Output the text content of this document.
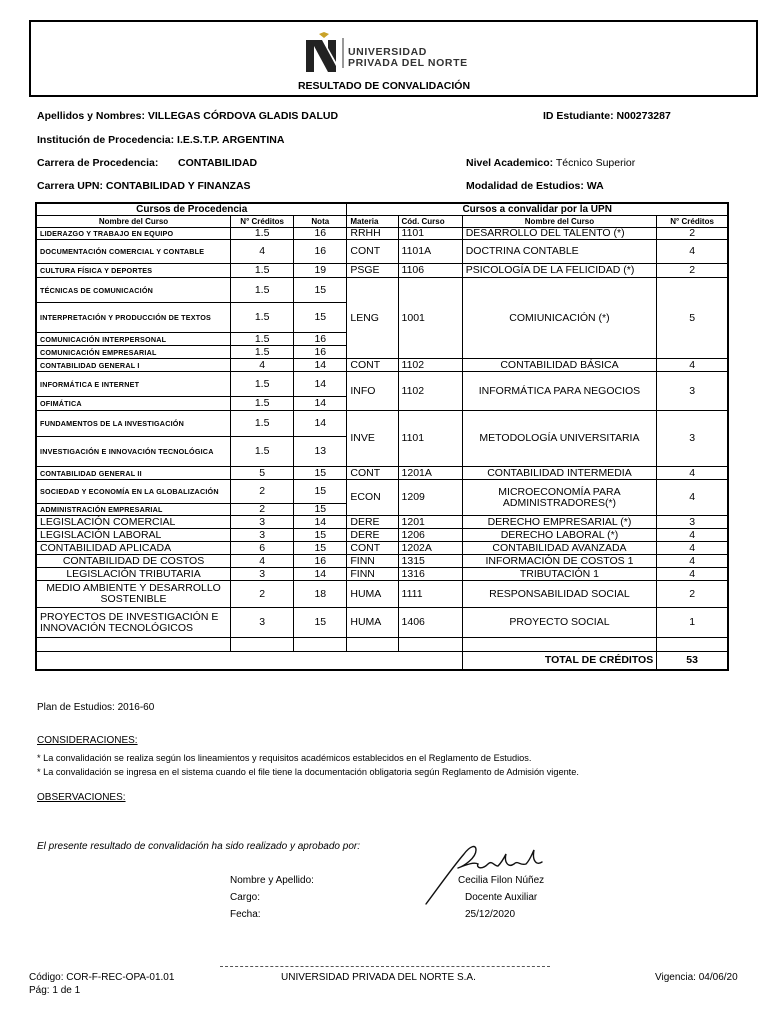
UNIVERSIDAD
PRIVADA DEL NORTE
RESULTADO DE CONVALIDACIÓN
Apellidos y Nombres: VILLEGAS CÓRDOVA GLADIS DALUD	ID Estudiante: N00273287
Institución de Procedencia: I.E.S.T.P. ARGENTINA
Carrera de Procedencia: CONTABILIDAD	Nivel Academico: Técnico Superior
Carrera UPN: CONTABILIDAD Y FINANZAS	Modalidad de Estudios: WA
Cursos de Procedencia			Cursos a convalidar por la UPN			
Nombre del Curso	N° Créditos	Nota	Materia	Cód. Curso	Nombre del Curso	N° Créditos
LIDERAZGO Y TRABAJO EN EQUIPO	1.5	16	RRHH	1101	DESARROLLO DEL TALENTO (*)	2
DOCUMENTACIÓN COMERCIAL Y CONTABLE	4	16	CONT	1101A	DOCTRINA CONTABLE	4
CULTURA FÍSICA Y DEPORTES	1.5	19	PSGE	1106	PSICOLOGÍA DE LA FELICIDAD (*)	2
TÉCNICAS DE COMUNICACIÓN	1.5	15	LENG	1001	COMIUNICACIÓN (*)	5
INTERPRETACIÓN Y PRODUCCIÓN DE TEXTOS	1.5	15				
COMUNICACIÓN INTERPERSONAL	1.5	16				
COMUNICACIÓN EMPRESARIAL	1.5	16				
CONTABILIDAD GENERAL I	4	14	CONT	1102	CONTABILIDAD BÁSICA	4
INFORMÁTICA E INTERNET	1.5	14	INFO	1102	INFORMÁTICA PARA NEGOCIOS	3
OFIMÁTICA	1.5	14				
FUNDAMENTOS DE LA INVESTIGACIÓN	1.5	14	INVE	1101	METODOLOGÍA UNIVERSITARIA	3
INVESTIGACIÓN E INNOVACIÓN TECNOLÓGICA	1.5	13				
CONTABILIDAD GENERAL II	5	15	CONT	1201A	CONTABILIDAD INTERMEDIA	4
SOCIEDAD Y ECONOMÍA EN LA GLOBALIZACIÓN	2	15	ECON	1209	MICROECONOMÍA PARA ADMINISTRADORES(*)	4
ADMINISTRACIÓN EMPRESARIAL	2	15				
LEGISLACIÓN COMERCIAL	3	14	DERE	1201	DERECHO EMPRESARIAL (*)	3
LEGISLACIÓN LABORAL	3	15	DERE	1206	DERECHO LABORAL (*)	4
CONTABILIDAD APLICADA	6	15	CONT	1202A	CONTABILIDAD AVANZADA	4
CONTABILIDAD DE COSTOS	4	16	FINN	1315	INFORMACIÓN DE COSTOS 1	4
LEGISLACIÓN TRIBUTARIA	3	14	FINN	1316	TRIBUTACIÓN 1	4
MEDIO AMBIENTE Y DESARROLLO SOSTENIBLE	2	18	HUMA	1111	RESPONSABILIDAD SOCIAL	2
PROYECTOS DE INVESTIGACIÓN E INNOVACIÓN TECNOLÓGICOS	3	15	HUMA	1406	PROYECTO SOCIAL	1

					TOTAL DE CRÉDITOS	53
Plan de Estudios: 2016-60
CONSIDERACIONES:
* La convalidación se realiza según los lineamientos y requisitos académicos establecidos en el Reglamento de Estudios.
* La convalidación se ingresa en el sistema cuando el file tiene la documentación obligatoria según Reglamento de Admisión vigente.
OBSERVACIONES:
El presente resultado de convalidación ha sido realizado y aprobado por:
Nombre y Apellido:	Cecilia Filon Núñez
Cargo:	Docente Auxiliar
Fecha:	25/12/2020
Código: COR-F-REC-OPA-01.01
Pág: 1 de 1
UNIVERSIDAD PRIVADA DEL NORTE S.A.	Vigencia: 04/06/20
